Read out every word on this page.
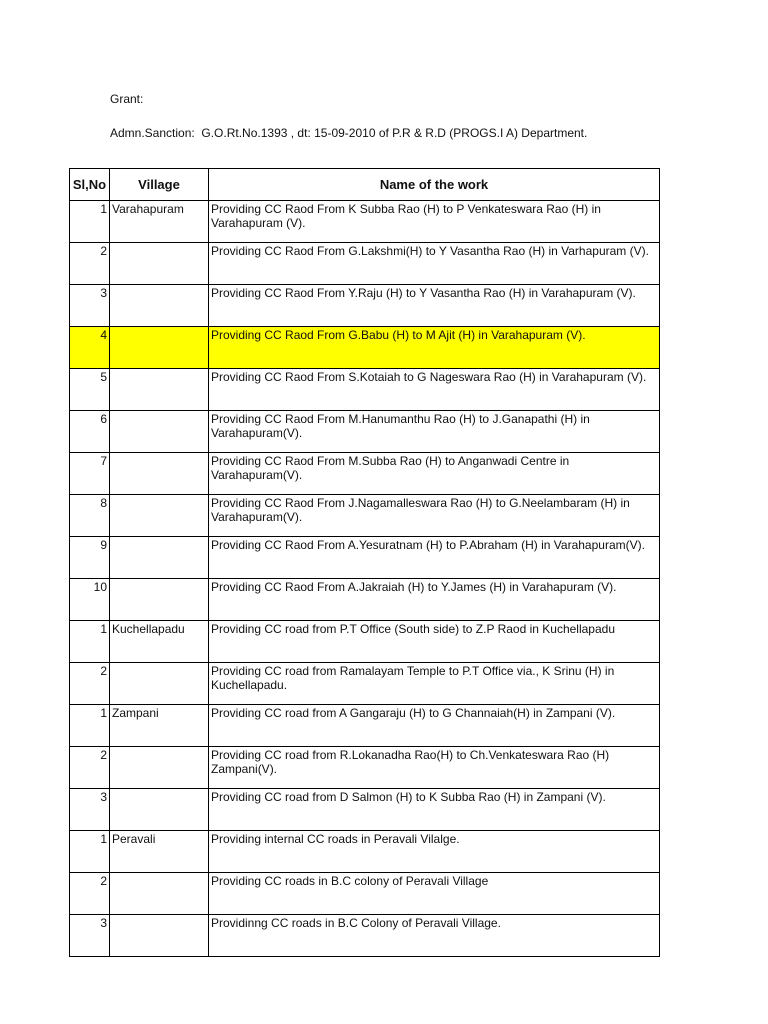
Grant:
Admn.Sanction: G.O.Rt.No.1393 , dt: 15-09-2010 of P.R & R.D (PROGS.I A) Department.
Sl,No	Village	Name of the work
1	Varahapuram	Providing CC Raod From K Subba Rao (H) to P Venkateswara Rao (H) in Varahapuram (V).
2		Providing CC Raod From G.Lakshmi(H) to Y Vasantha Rao (H) in Varhapuram (V).
3		Providing CC Raod From Y.Raju (H) to Y Vasantha Rao (H) in Varahapuram (V).
4		Providing CC Raod From G.Babu (H) to M Ajit (H) in Varahapuram (V).
5		Providing CC Raod From S.Kotaiah to G Nageswara Rao (H) in Varahapuram (V).
6		Providing CC Raod From M.Hanumanthu Rao (H) to J.Ganapathi (H) in Varahapuram(V).
7		Providing CC Raod From M.Subba Rao (H) to Anganwadi Centre in Varahapuram(V).
8		Providing CC Raod From J.Nagamalleswara Rao (H) to G.Neelambaram (H) in Varahapuram(V).
9		Providing CC Raod From A.Yesuratnam (H) to P.Abraham (H) in Varahapuram(V).
10		Providing CC Raod From A.Jakraiah (H) to Y.James (H) in Varahapuram (V).
1	Kuchellapadu	Providing CC road from P.T Office (South side) to Z.P Raod in Kuchellapadu
2		Providing CC road from Ramalayam Temple to P.T Office via., K Srinu (H) in Kuchellapadu.
1	Zampani	Providing CC road from A Gangaraju (H) to G Channaiah(H) in Zampani (V).
2		Providing CC road from R.Lokanadha Rao(H) to Ch.Venkateswara Rao (H) Zampani(V).
3		Providing CC road from D Salmon (H) to K Subba Rao (H) in Zampani (V).
1	Peravali	Providing internal CC roads in Peravali Vilalge.
2		Providing CC roads in B.C colony of Peravali Village
3		Providinng CC roads in B.C Colony of Peravali Village.
